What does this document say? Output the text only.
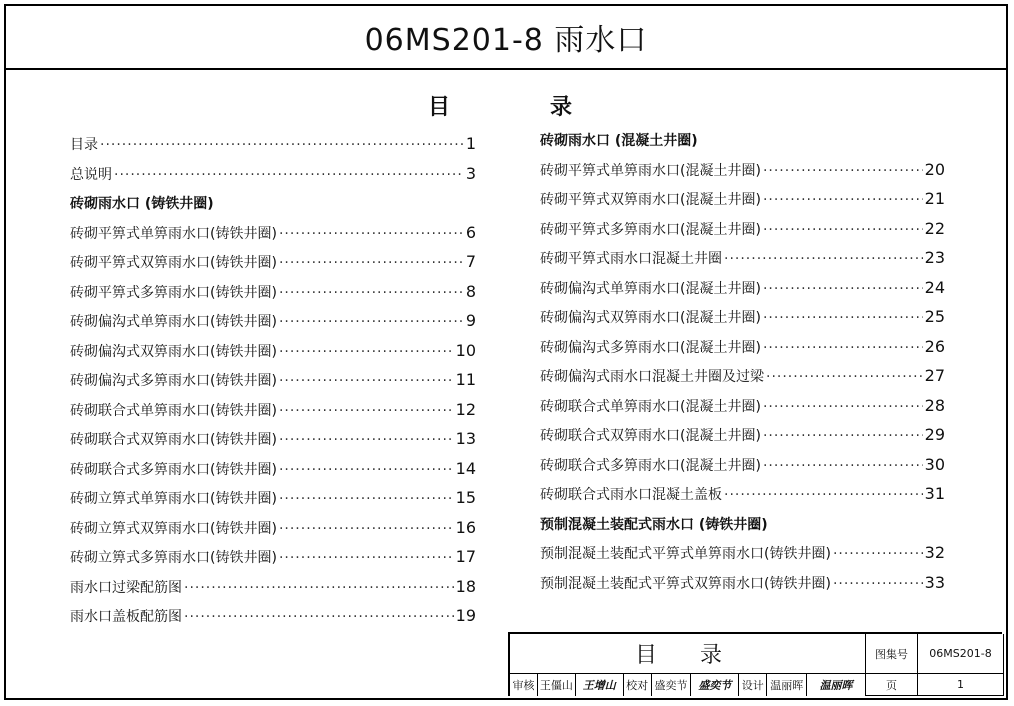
06MS201-8 雨水口
目	录
目录 ·····	1
总说明 ·····	3
砖砌雨水口 (铸铁井圈)
砖砌平箅式单箅雨水口(铸铁井圈) ·····	6
砖砌平箅式双箅雨水口(铸铁井圈) ·····	7
砖砌平箅式多箅雨水口(铸铁井圈) ·····	8
砖砌偏沟式单箅雨水口(铸铁井圈) ·····	9
砖砌偏沟式双箅雨水口(铸铁井圈) ·····	10
砖砌偏沟式多箅雨水口(铸铁井圈) ·····	11
砖砌联合式单箅雨水口(铸铁井圈) ·····	12
砖砌联合式双箅雨水口(铸铁井圈) ·····	13
砖砌联合式多箅雨水口(铸铁井圈) ·····	14
砖砌立箅式单箅雨水口(铸铁井圈) ·····	15
砖砌立箅式双箅雨水口(铸铁井圈) ·····	16
砖砌立箅式多箅雨水口(铸铁井圈) ·····	17
雨水口过梁配筋图 ·····	18
雨水口盖板配筋图 ·····	19
砖砌雨水口 (混凝土井圈)
砖砌平箅式单箅雨水口(混凝土井圈) ·····	20
砖砌平箅式双箅雨水口(混凝土井圈) ·····	21
砖砌平箅式多箅雨水口(混凝土井圈) ·····	22
砖砌平箅式雨水口混凝土井圈 ·····	23
砖砌偏沟式单箅雨水口(混凝土井圈) ·····	24
砖砌偏沟式双箅雨水口(混凝土井圈) ·····	25
砖砌偏沟式多箅雨水口(混凝土井圈) ·····	26
砖砌偏沟式雨水口混凝土井圈及过梁 ·····	27
砖砌联合式单箅雨水口(混凝土井圈) ·····	28
砖砌联合式双箅雨水口(混凝土井圈) ·····	29
砖砌联合式多箅雨水口(混凝土井圈) ·····	30
砖砌联合式雨水口混凝土盖板 ·····	31
预制混凝土装配式雨水口 (铸铁井圈)
预制混凝土装配式平箅式单箅雨水口(铸铁井圈) ·····	32
预制混凝土装配式平箅式双箅雨水口(铸铁井圈) ·····	33
目 录	图集号	06MS201-8
页	1
审核 王僵山 王增山 校对 盛奕节 盛奕节 设计 温丽晖	温丽晖
